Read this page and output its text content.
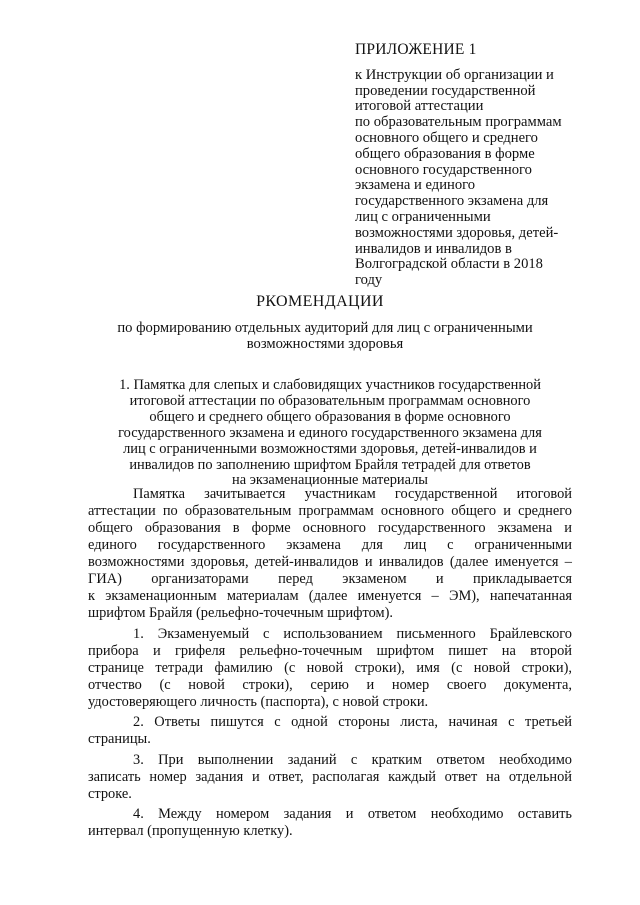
ПРИЛОЖЕНИЕ 1
к Инструкции об организации и
проведении государственной
итоговой аттестации
по образовательным программам
основного общего и среднего
общего образования в форме
основного государственного
экзамена и единого
государственного экзамена для
лиц с ограниченными
возможностями здоровья, детей-
инвалидов и инвалидов в
Волгоградской области в 2018
году
РКОМЕНДАЦИИ
по формированию отдельных аудиторий для лиц с ограниченными
возможностями здоровья
1. Памятка для слепых и слабовидящих участников государственной
итоговой аттестации по образовательным программам основного
общего и среднего общего образования в форме основного
государственного экзамена и единого государственного экзамена для
лиц с ограниченными возможностями здоровья, детей-инвалидов и
инвалидов по заполнению шрифтом Брайля тетрадей для ответов
на экзаменационные материалы
Памятка зачитывается участникам государственной итоговой
аттестации по образовательным программам основного общего и среднего
общего образования в форме основного государственного экзамена и
единого государственного экзамена для лиц с ограниченными
возможностями здоровья, детей-инвалидов и инвалидов (далее именуется –
ГИА) организаторами перед экзаменом и прикладывается
к экзаменационным материалам (далее именуется – ЭМ), напечатанная
шрифтом Брайля (рельефно-точечным шрифтом).
1. Экзаменуемый с использованием письменного Брайлевского
прибора и грифеля рельефно-точечным шрифтом пишет на второй
странице тетради фамилию (с новой строки), имя (с новой строки),
отчество (с новой строки), серию и номер своего документа,
удостоверяющего личность (паспорта), с новой строки.
2. Ответы пишутся с одной стороны листа, начиная с третьей
страницы.
3. При выполнении заданий с кратким ответом необходимо
записать номер задания и ответ, располагая каждый ответ на отдельной
строке.
4. Между номером задания и ответом необходимо оставить
интервал (пропущенную клетку).
